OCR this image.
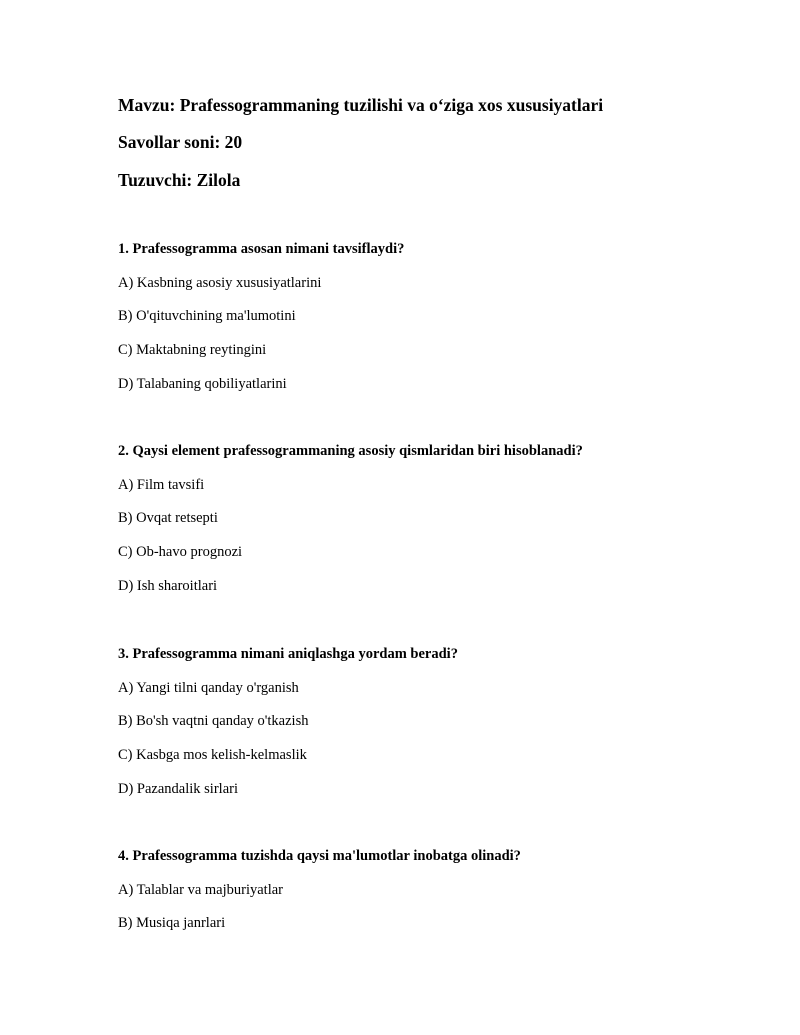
Mavzu: Prafessogrammaning tuzilishi va o‘ziga xos xususiyatlari
Savollar soni: 20
Tuzuvchi: Zilola
1. Prafessogramma asosan nimani tavsiflaydi?
A) Kasbning asosiy xususiyatlarini
B) O'qituvchining ma'lumotini
C) Maktabning reytingini
D) Talabaning qobiliyatlarini
2. Qaysi element prafessogrammaning asosiy qismlaridan biri hisoblanadi?
A) Film tavsifi
B) Ovqat retsepti
C) Ob-havo prognozi
D) Ish sharoitlari
3. Prafessogramma nimani aniqlashga yordam beradi?
A) Yangi tilni qanday o'rganish
B) Bo'sh vaqtni qanday o'tkazish
C) Kasbga mos kelish-kelmaslik
D) Pazandalik sirlari
4. Prafessogramma tuzishda qaysi ma'lumotlar inobatga olinadi?
A) Talablar va majburiyatlar
B) Musiqa janrlari
